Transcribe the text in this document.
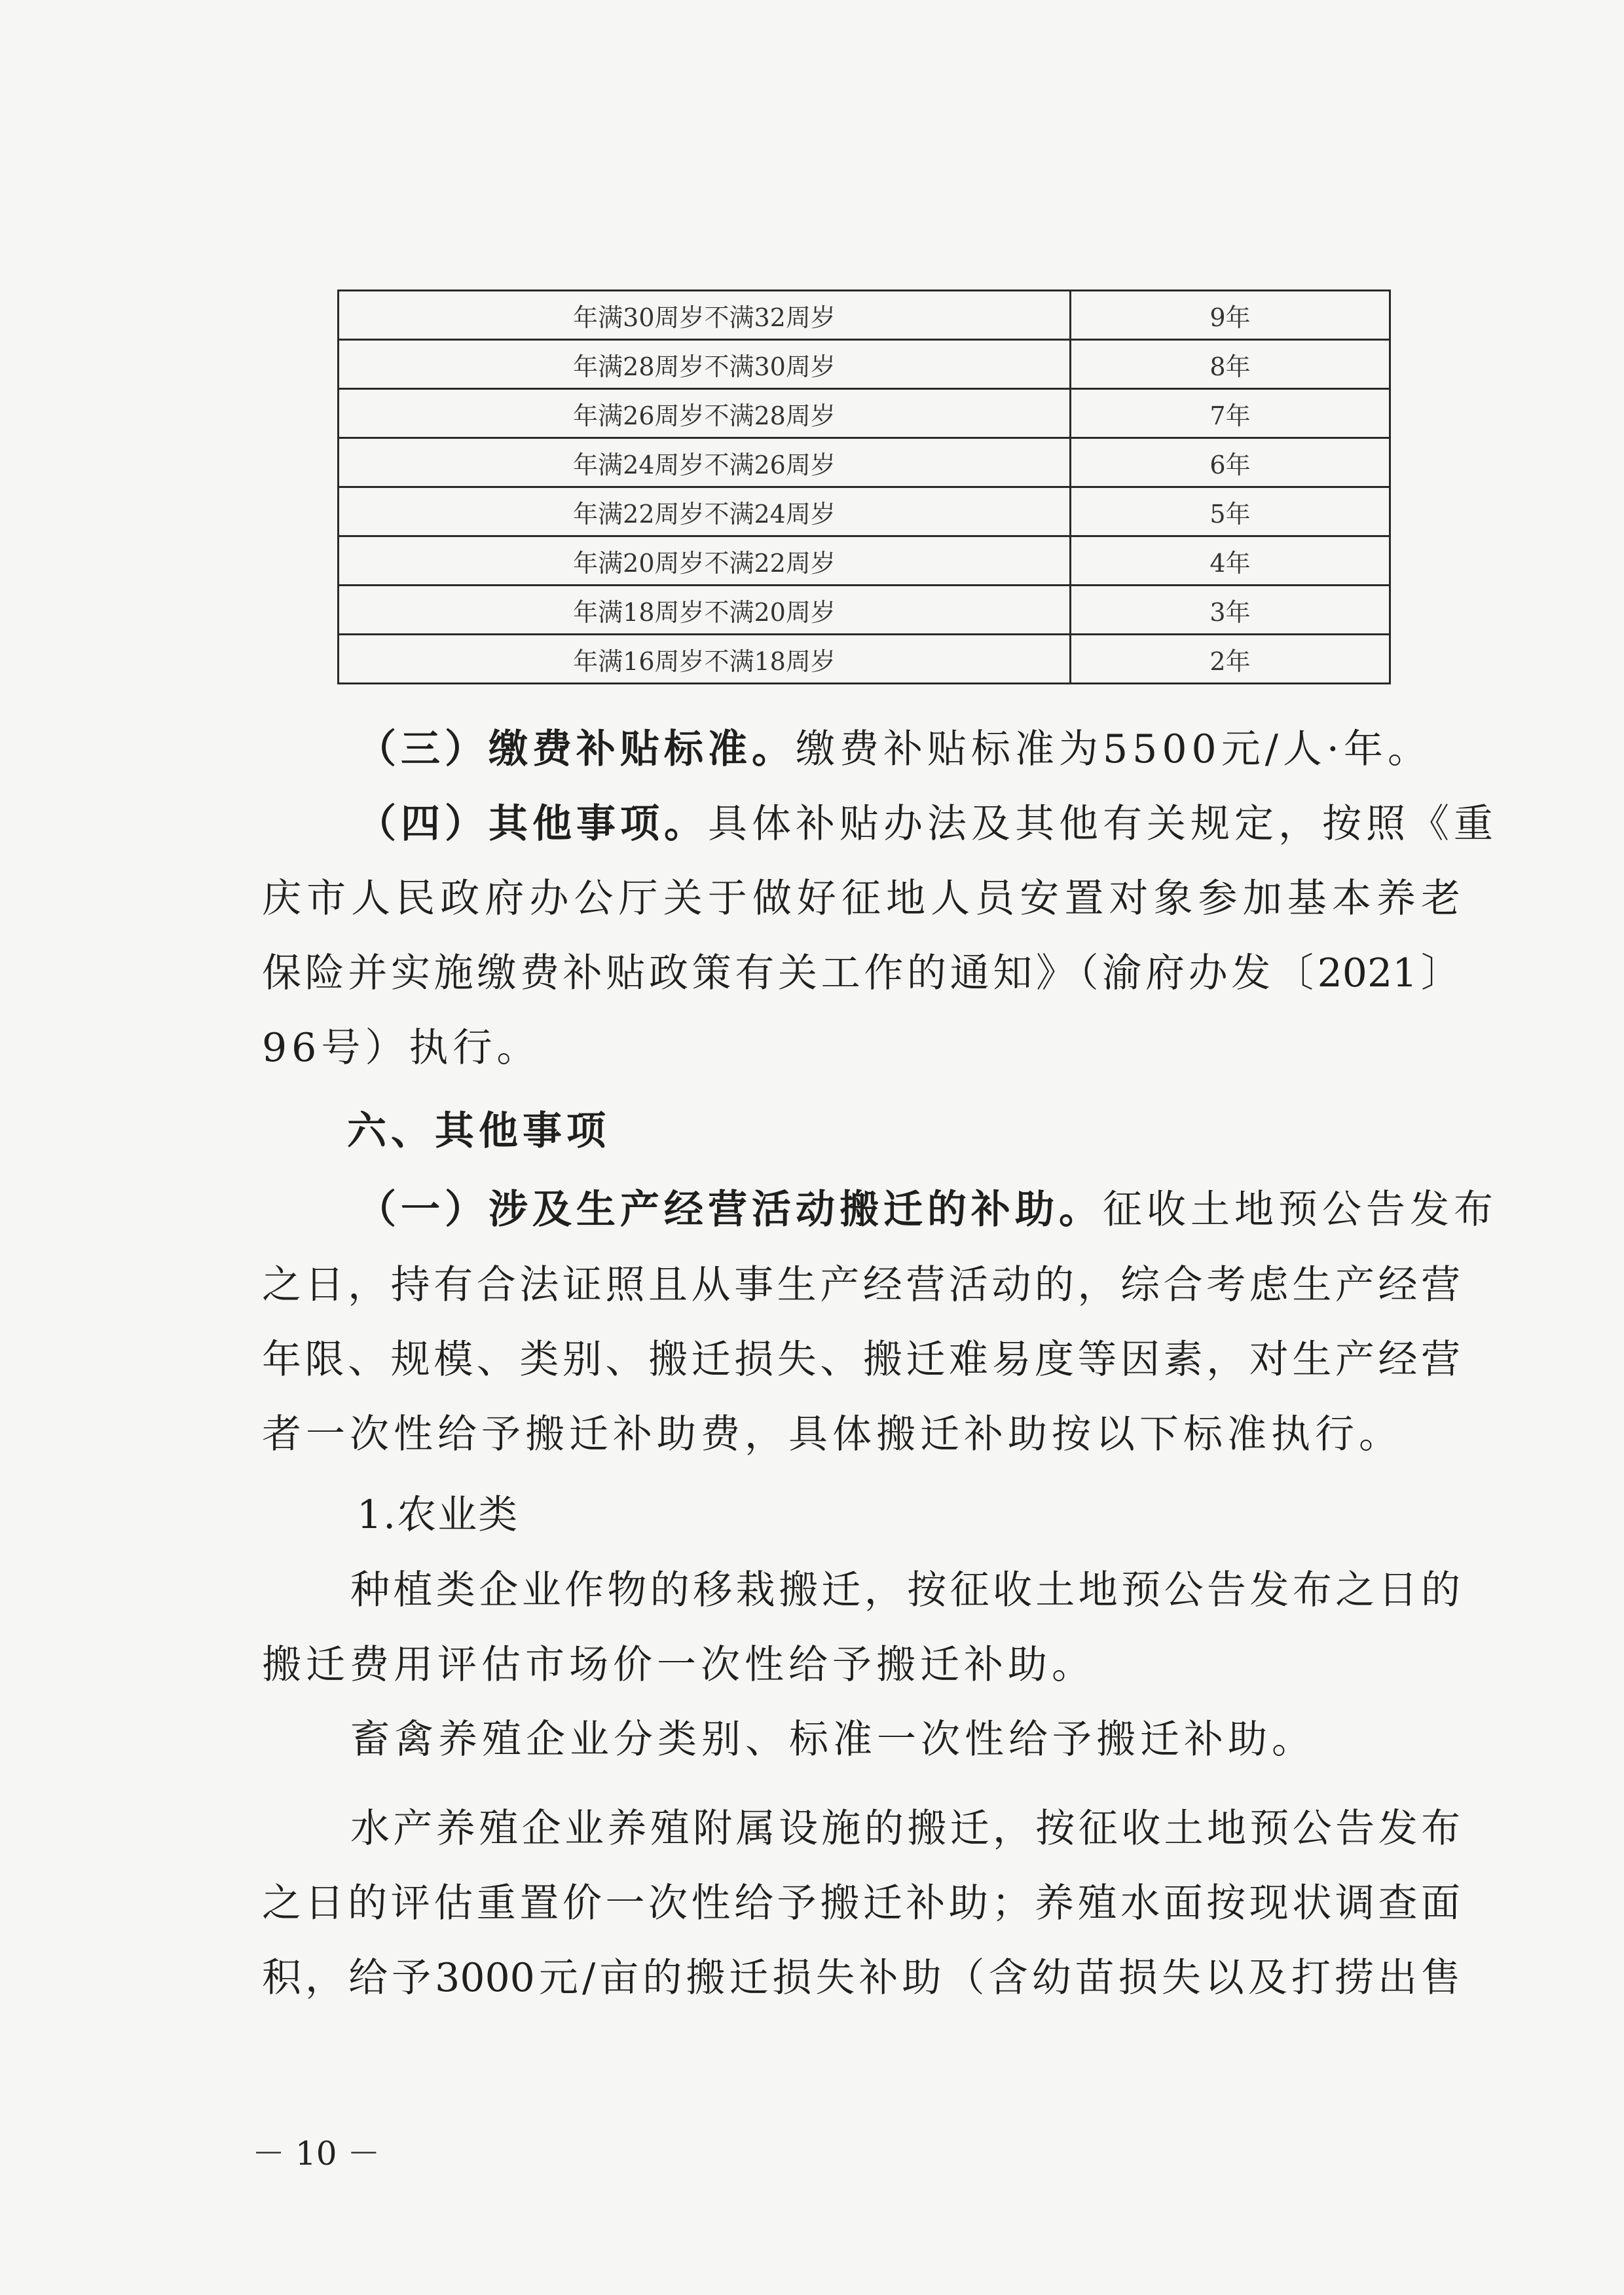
年满30周岁不满32周岁	9年
年满28周岁不满30周岁	8年
年满26周岁不满28周岁	7年
年满24周岁不满26周岁	6年
年满22周岁不满24周岁	5年
年满20周岁不满22周岁	4年
年满18周岁不满20周岁	3年
年满16周岁不满18周岁	2年
（三）缴费补贴标准。缴费补贴标准为5500元/人·年。
（四）其他事项。具体补贴办法及其他有关规定，按照《重
庆市人民政府办公厅关于做好征地人员安置对象参加基本养老
保险并实施缴费补贴政策有关工作的通知》（渝府办发〔2021〕
96号）执行。
六、其他事项
（一）涉及生产经营活动搬迁的补助。征收土地预公告发布
之日，持有合法证照且从事生产经营活动的，综合考虑生产经营
年限、规模、类别、搬迁损失、搬迁难易度等因素，对生产经营
者一次性给予搬迁补助费，具体搬迁补助按以下标准执行。
1.农业类
种植类企业作物的移栽搬迁，按征收土地预公告发布之日的
搬迁费用评估市场价一次性给予搬迁补助。
畜禽养殖企业分类别、标准一次性给予搬迁补助。
水产养殖企业养殖附属设施的搬迁，按征收土地预公告发布
之日的评估重置价一次性给予搬迁补助；养殖水面按现状调查面
积，给予3000元/亩的搬迁损失补助（含幼苗损失以及打捞出售
－ 10 －
